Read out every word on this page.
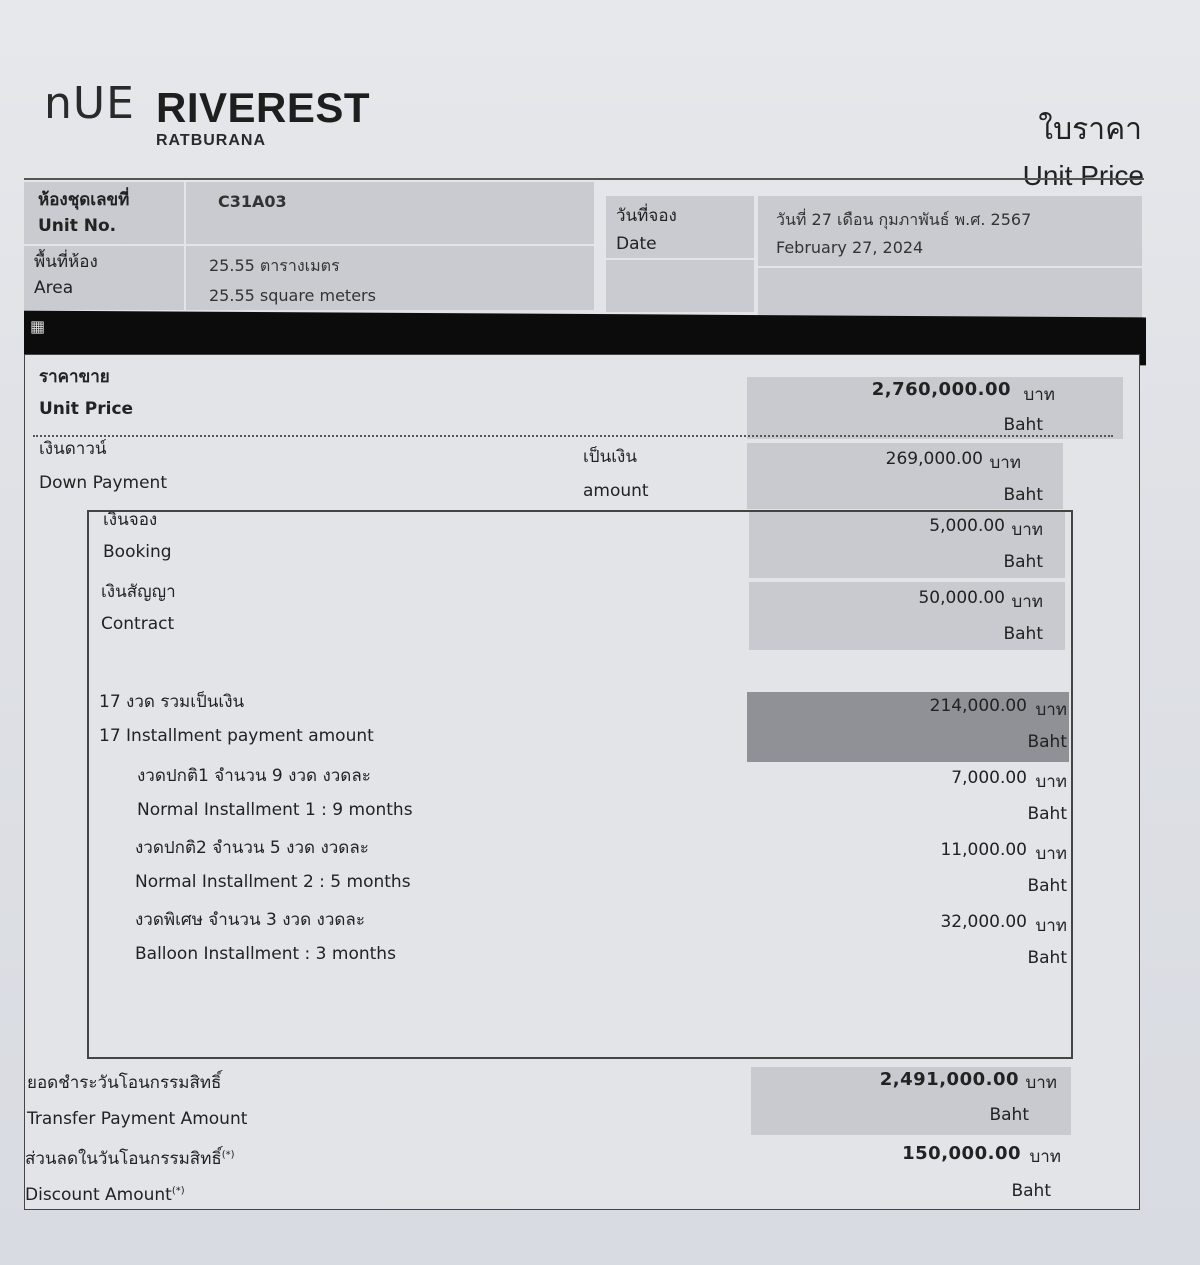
nUE RIVEREST
RATBURANA	ใบราคา
Unit Price
ห้องชุดเลขที่
Unit No.
C31A03
พื้นที่ห้อง
Area
25.55 ตารางเมตร
25.55 square meters
วันที่จอง
Date
วันที่ 27 เดือน กุมภาพันธ์ พ.ศ. 2567
February 27, 2024
▦
ราคาขาย
Unit Price
2,760,000.00 บาท
Baht
เงินดาวน์
Down Payment
เป็นเงิน
amount
269,000.00 บาท
Baht
เงินจอง
Booking
5,000.00 บาท
Baht
เงินสัญญา
Contract
50,000.00 บาท
Baht
17 งวด รวมเป็นเงิน
17 Installment payment amount
214,000.00 บาท
Baht
งวดปกติ1 จำนวน 9 งวด งวดละ
Normal Installment 1 : 9 months
7,000.00 บาท
Baht
งวดปกติ2 จำนวน 5 งวด งวดละ
Normal Installment 2 : 5 months
11,000.00 บาท
Baht
งวดพิเศษ จำนวน 3 งวด งวดละ
Balloon Installment : 3 months
32,000.00 บาท
Baht
ยอดชำระวันโอนกรรมสิทธิ์
Transfer Payment Amount
2,491,000.00 บาท
Baht
ส่วนลดในวันโอนกรรมสิทธิ์(*)
Discount Amount(*)
150,000.00 บาท
Baht
